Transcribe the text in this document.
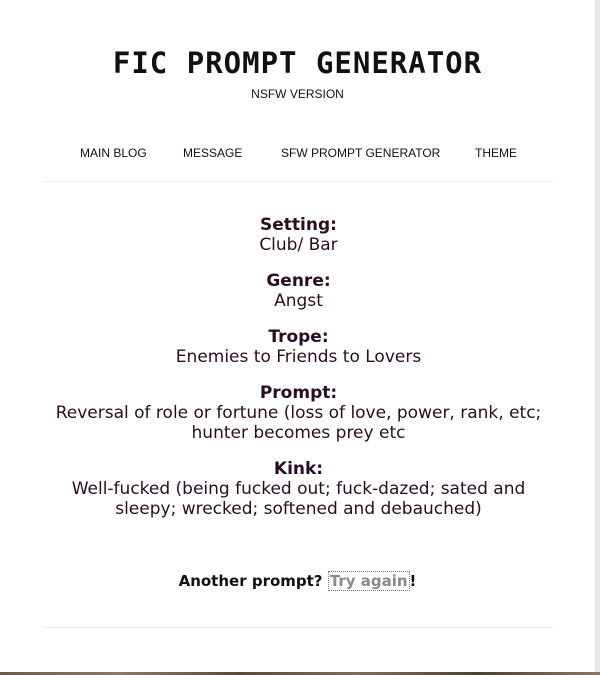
FIC PROMPT GENERATOR
NSFW VERSION
MAIN BLOG	MESSAGE	SFW PROMPT GENERATOR	THEME
Setting:
Club/ Bar
Genre:
Angst
Trope:
Enemies to Friends to Lovers
Prompt:
Reversal of role or fortune (loss of love, power, rank, etc; hunter becomes prey etc
Kink:
Well-fucked (being fucked out; fuck-dazed; sated and sleepy; wrecked; softened and debauched)
Another prompt? Try again !
